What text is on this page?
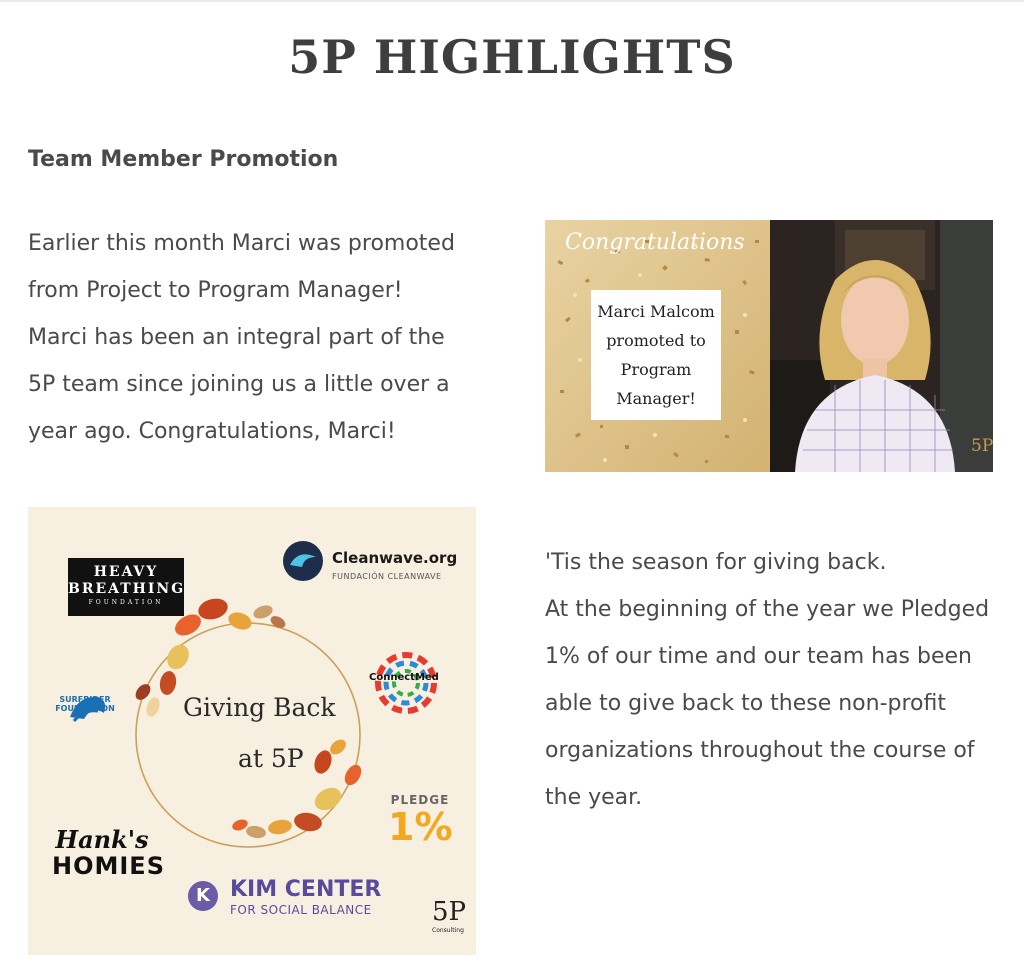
5P HIGHLIGHTS
Team Member Promotion

Earlier this month Marci was promoted
from Project to Program Manager!
Marci has been an integral part of the
5P team since joining us a little over a
year ago. Congratulations, Marci!

Congratulations
Marci Malcom
promoted to
Program
Manager!
5P
Giving Back
at 5P
HEAVY
BREATHING
FOUNDATION
Cleanwave.org
FUNDACIÓN CLEANWAVE
ConnectMed
SURFRIDER
FOUNDATION
PLEDGE
1%
Hank's
HOMIES
K KIM CENTER
FOR SOCIAL BALANCE 5P
Consulting

'Tis the season for giving back.
At the beginning of the year we Pledged
1% of our time and our team has been
able to give back to these non-profit
organizations throughout the course of
the year.
